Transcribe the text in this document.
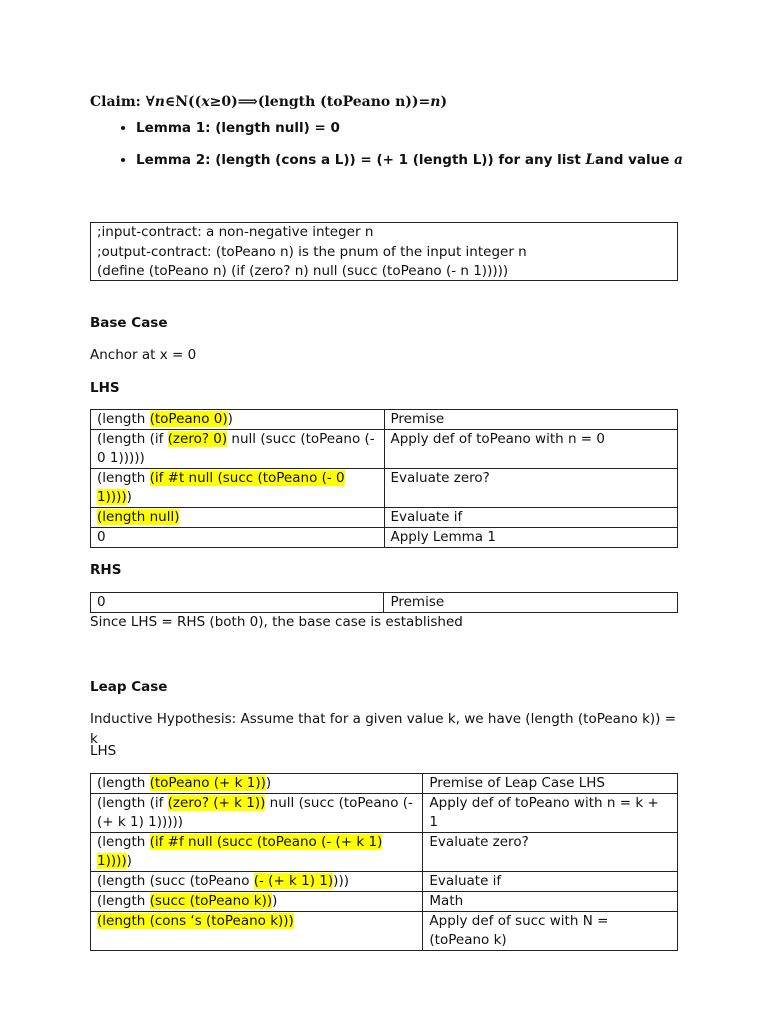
Claim: ∀n∈N((x≥0)⟹(length (toPeano n))=n)
• Lemma 1: (length null) = 0
• Lemma 2: (length (cons a L)) = (+ 1 (length L)) for any list Land value a
;input-contract: a non-negative integer n
;output-contract: (toPeano n) is the pnum of the input integer n
(define (toPeano n) (if (zero? n) null (succ (toPeano (- n 1)))))
Base Case
Anchor at x = 0
LHS
(length (toPeano 0))	Premise
(length (if (zero? 0) null (succ (toPeano (- 0 1)))))	Apply def of toPeano with n = 0
(length (if #t null (succ (toPeano (- 0 1)))))	Evaluate zero?
(length null)	Evaluate if
0	Apply Lemma 1
RHS
0	Premise
Since LHS = RHS (both 0), the base case is established
Leap Case
Inductive Hypothesis: Assume that for a given value k, we have (length (toPeano k)) = k
LHS
(length (toPeano (+ k 1)))	Premise of Leap Case LHS
(length (if (zero? (+ k 1)) null (succ (toPeano (- (+ k 1) 1)))))	Apply def of toPeano with n = k + 1
(length (if #f null (succ (toPeano (- (+ k 1) 1)))))	Evaluate zero?
(length (succ (toPeano (- (+ k 1) 1))))	Evaluate if
(length (succ (toPeano k)))	Math
(length (cons ‘s (toPeano k)))	Apply def of succ with N = (toPeano k)
